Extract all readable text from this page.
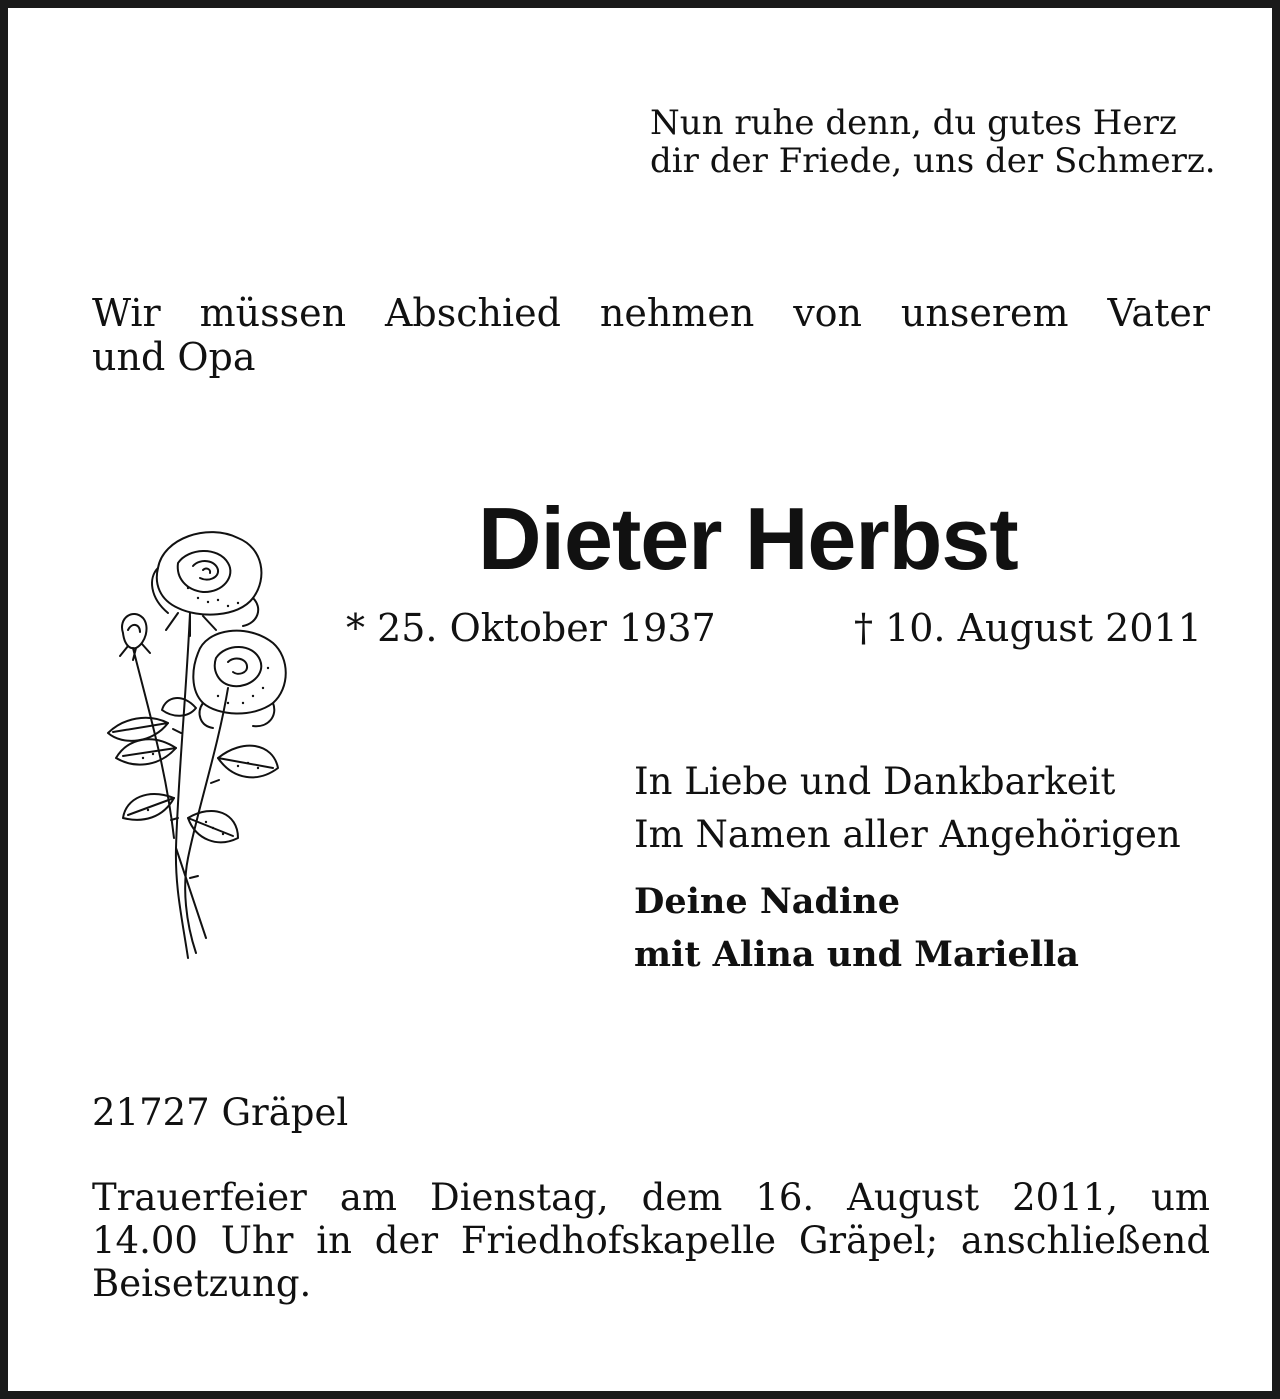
Nun ruhe denn, du gutes Herz
dir der Friede, uns der Schmerz.
Wir müssen Abschied nehmen von unserem Vater
und Opa
Dieter Herbst
* 25. Oktober 1937	† 10. August 2011
In Liebe und Dankbarkeit
Im Namen aller Angehörigen
Deine Nadine
mit Alina und Mariella
21727 Gräpel
Trauerfeier am Dienstag, dem 16. August 2011, um
14.00 Uhr in der Friedhofskapelle Gräpel; anschließend
Beisetzung.
